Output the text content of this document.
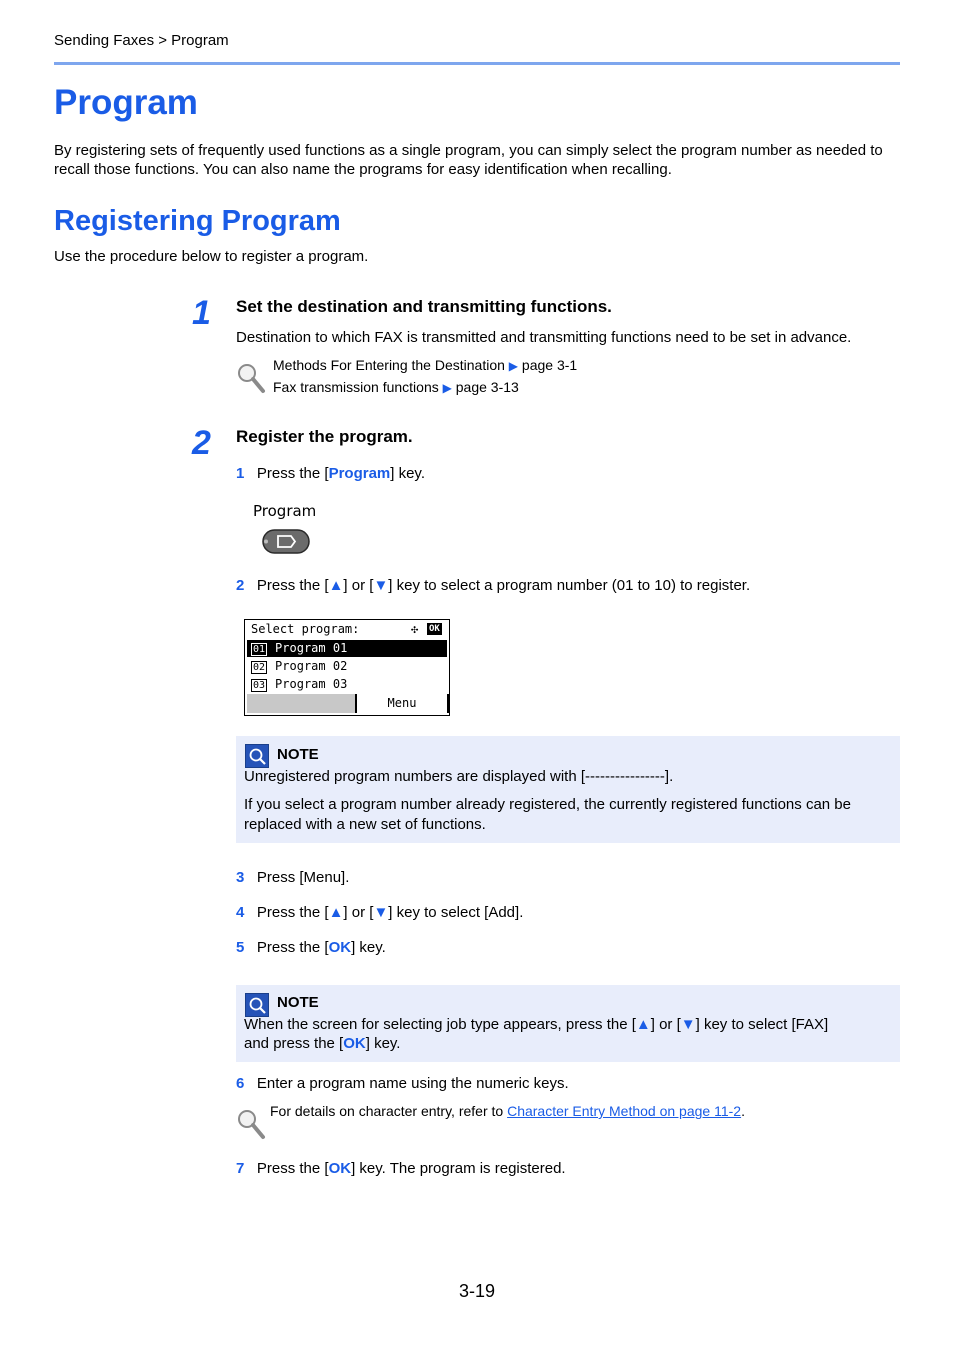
Sending Faxes > Program
Program
By registering sets of frequently used functions as a single program, you can simply select the program number as needed to recall those functions. You can also name the programs for easy identification when recalling.
Registering Program
Use the procedure below to register a program.
1 Set the destination and transmitting functions.
Destination to which FAX is transmitted and transmitting functions need to be set in advance.
Methods For Entering the Destination ▶ page 3-1
Fax transmission functions ▶ page 3-13
2 Register the program.
1 Press the [Program] key.
Program
2 Press the [▲] or [▼] key to select a program number (01 to 10) to register.
Select program:	✣ OK
01 Program 01
02 Program 02
03 Program 03
Menu
NOTE
Unregistered program numbers are displayed with [----------------].
If you select a program number already registered, the currently registered functions can be replaced with a new set of functions.
3 Press [Menu].
4 Press the [▲] or [▼] key to select [Add].
5 Press the [OK] key.
NOTE
When the screen for selecting job type appears, press the [▲] or [▼] key to select [FAX]
and press the [OK] key.
6 Enter a program name using the numeric keys.
For details on character entry, refer to Character Entry Method on page 11-2.
7 Press the [OK] key. The program is registered.
3-19
